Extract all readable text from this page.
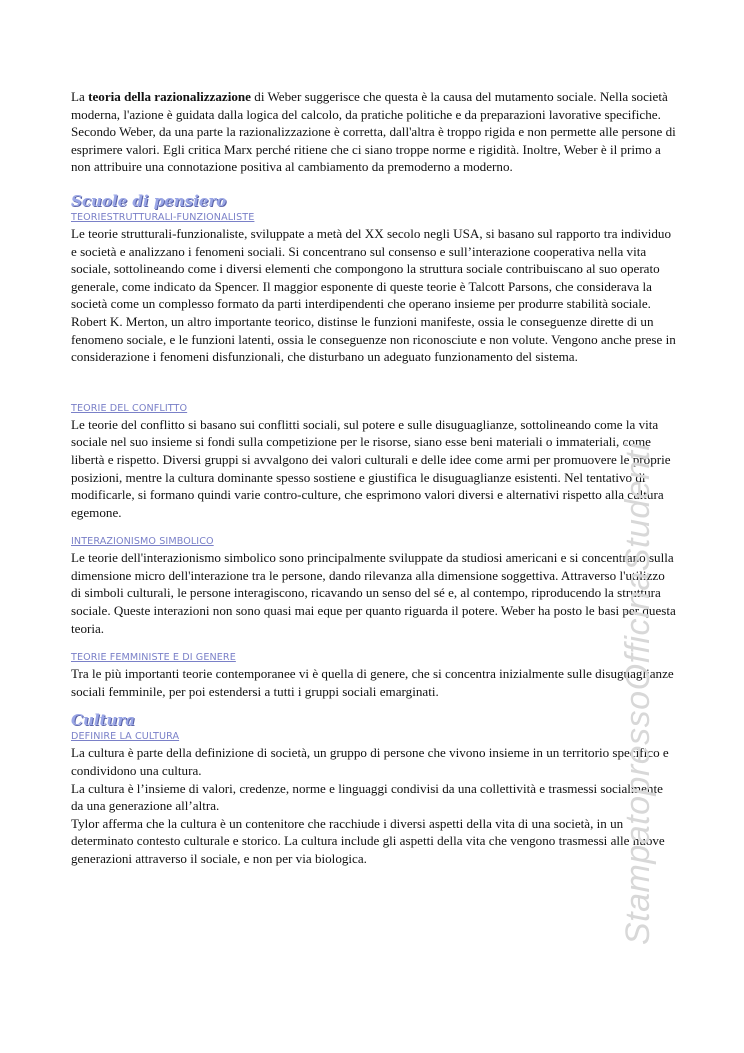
La teoria della razionalizzazione di Weber suggerisce che questa è la causa del mutamento sociale. Nella società moderna, l'azione è guidata dalla logica del calcolo, da pratiche politiche e da preparazioni lavorative specifiche. Secondo Weber, da una parte la razionalizzazione è corretta, dall'altra è troppo rigida e non permette alle persone di esprimere valori. Egli critica Marx perché ritiene che ci siano troppe norme e rigidità. Inoltre, Weber è il primo a non attribuire una connotazione positiva al cambiamento da premoderno a moderno.

Scuole di pensiero
TEORIESTRUTTURALI-FUNZIONALISTE

Le teorie strutturali-funzionaliste, sviluppate a metà del XX secolo negli USA, si basano sul rapporto tra individuo e società e analizzano i fenomeni sociali. Si concentrano sul consenso e sull’interazione cooperativa nella vita sociale, sottolineando come i diversi elementi che compongono la struttura sociale contribuiscano al suo operato generale, come indicato da Spencer. Il maggior esponente di queste teorie è Talcott Parsons, che considerava la società come un complesso formato da parti interdipendenti che operano insieme per produrre stabilità sociale. Robert K. Merton, un altro importante teorico, distinse le funzioni manifeste, ossia le conseguenze dirette di un fenomeno sociale, e le funzioni latenti, ossia le conseguenze non riconosciute e non volute. Vengono anche prese in considerazione i fenomeni disfunzionali, che disturbano un adeguato funzionamento del sistema.

TEORIE DEL CONFLITTO

Le teorie del conflitto si basano sui conflitti sociali, sul potere e sulle disuguaglianze, sottolineando come la vita sociale nel suo insieme si fondi sulla competizione per le risorse, siano esse beni materiali o immateriali, come libertà e rispetto. Diversi gruppi si avvalgono dei valori culturali e delle idee come armi per promuovere le proprie posizioni, mentre la cultura dominante spesso sostiene e giustifica le disuguaglianze esistenti. Nel tentativo di modificarle, si formano quindi varie contro-culture, che esprimono valori diversi e alternativi rispetto alla cultura egemone.

INTERAZIONISMO SIMBOLICO

Le teorie dell'interazionismo simbolico sono principalmente sviluppate da studiosi americani e si concentrano sulla dimensione micro dell'interazione tra le persone, dando rilevanza alla dimensione soggettiva. Attraverso l'utilizzo di simboli culturali, le persone interagiscono, ricavando un senso del sé e, al contempo, riproducendo la struttura sociale. Queste interazioni non sono quasi mai eque per quanto riguarda il potere. Weber ha posto le basi per questa teoria.

TEORIE FEMMINISTE E DI GENERE

Tra le più importanti teorie contemporanee vi è quella di genere, che si concentra inizialmente sulle disuguaglianze sociali femminile, per poi estendersi a tutti i gruppi sociali emarginati.

Cultura
DEFINIRE LA CULTURA

La cultura è parte della definizione di società, un gruppo di persone che vivono insieme in un territorio specifico e condividono una cultura.

La cultura è l’insieme di valori, credenze, norme e linguaggi condivisi da una collettività e trasmessi socialmente da una generazione all’altra.

Tylor afferma che la cultura è un contenitore che racchiude i diversi aspetti della vita di una società, in un determinato contesto culturale e storico. La cultura include gli aspetti della vita che vengono trasmessi alle nuove generazioni attraverso il sociale, e non per via biologica.	StampatopressoOfficinaStudenti
